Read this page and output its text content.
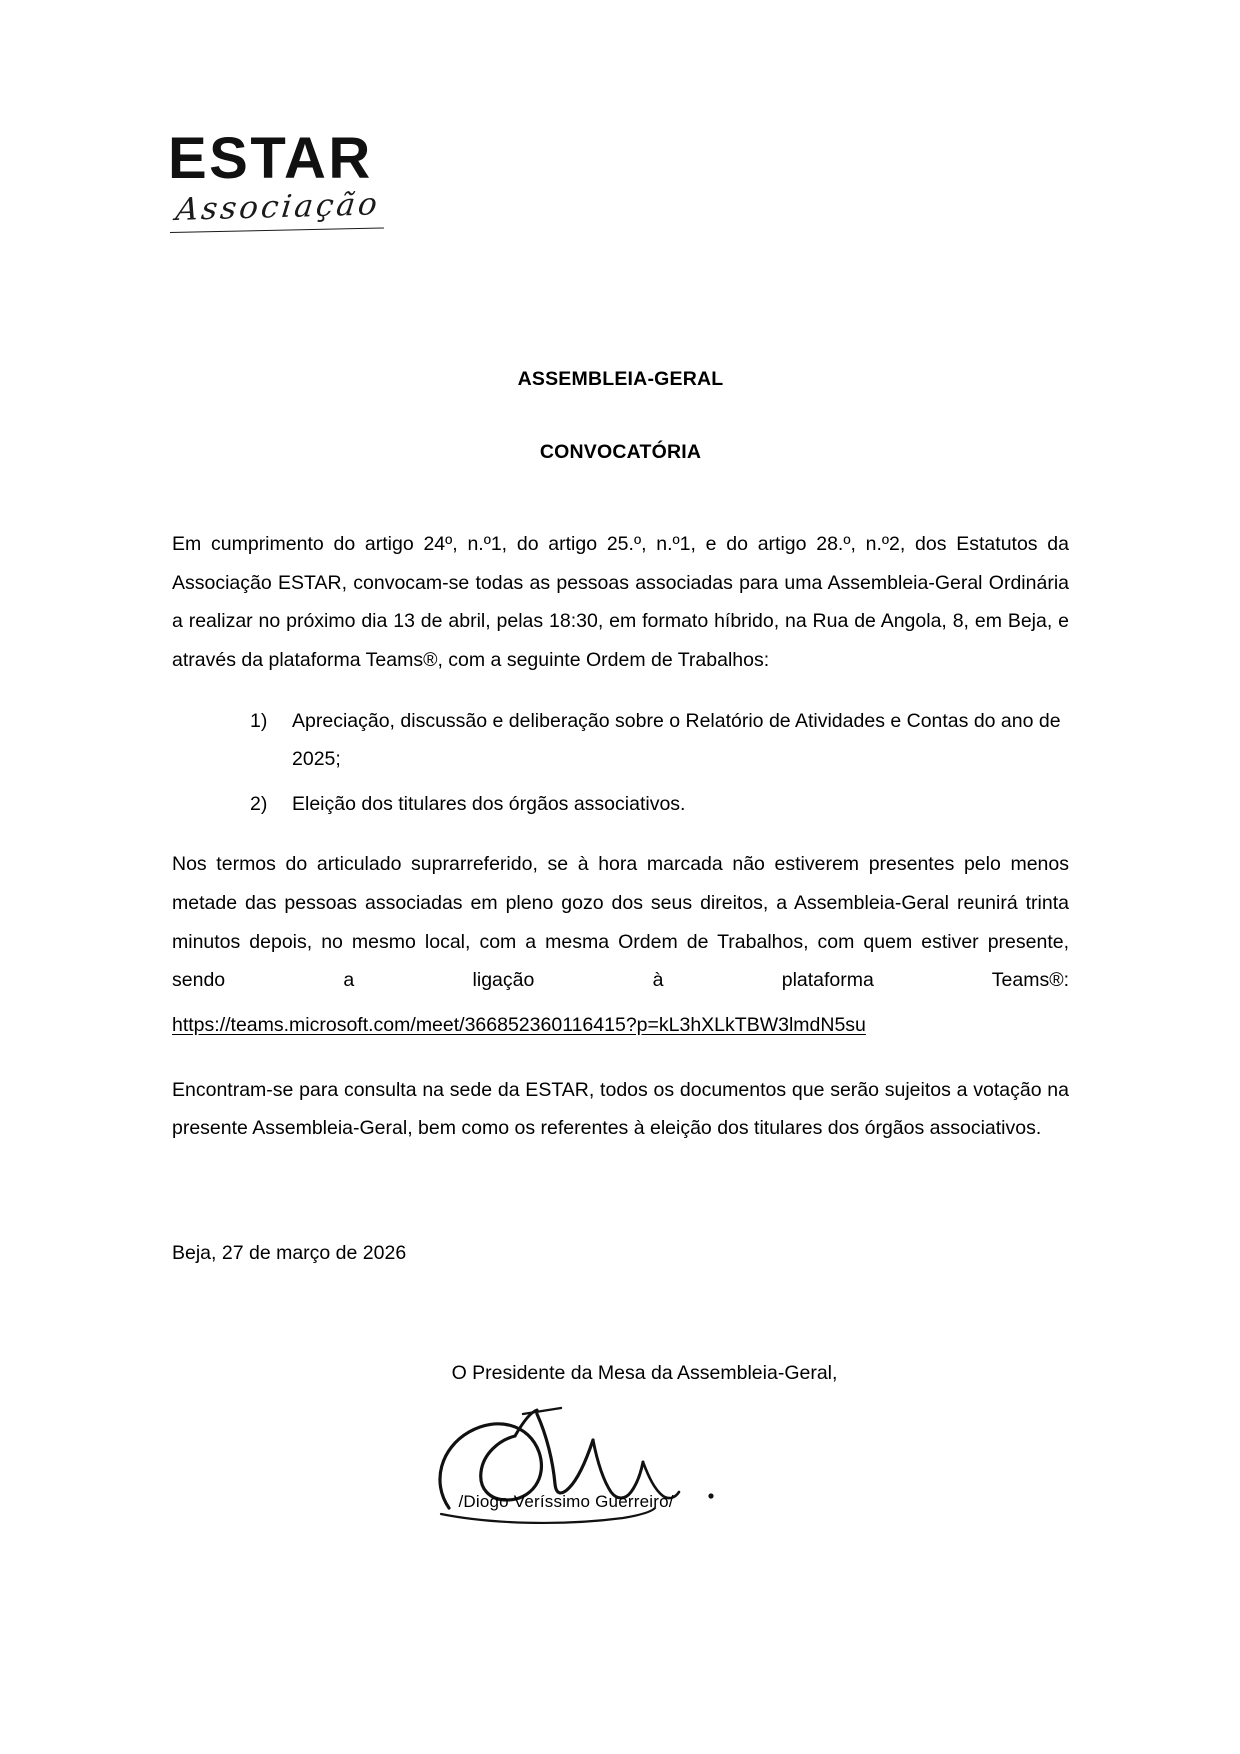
ESTAR
Associação
ASSEMBLEIA-GERAL
CONVOCATÓRIA

Em cumprimento do artigo 24º, n.º1, do artigo 25.º, n.º1, e do artigo 28.º, n.º2, dos Estatutos da Associação ESTAR, convocam-se todas as pessoas associadas para uma Assembleia-Geral Ordinária a realizar no próximo dia 13 de abril, pelas 18:30, em formato híbrido, na Rua de Angola, 8, em Beja, e através da plataforma Teams®, com a seguinte Ordem de Trabalhos:

Apreciação, discussão e deliberação sobre o Relatório de Atividades e Contas do ano de 2025;
Eleição dos titulares dos órgãos associativos.

Nos termos do articulado suprarreferido, se à hora marcada não estiverem presentes pelo menos metade das pessoas associadas em pleno gozo dos seus direitos, a Assembleia-Geral reunirá trinta minutos depois, no mesmo local, com a mesma Ordem de Trabalhos, com quem estiver presente, sendo a ligação à plataforma Teams®:

https://teams.microsoft.com/meet/366852360116415?p=kL3hXLkTBW3lmdN5su

Encontram-se para consulta na sede da ESTAR, todos os documentos que serão sujeitos a votação na presente Assembleia-Geral, bem como os referentes à eleição dos titulares dos órgãos associativos.

Beja, 27 de março de 2026

O Presidente da Mesa da Assembleia-Geral,
/Diogo Veríssimo Guerreiro/
